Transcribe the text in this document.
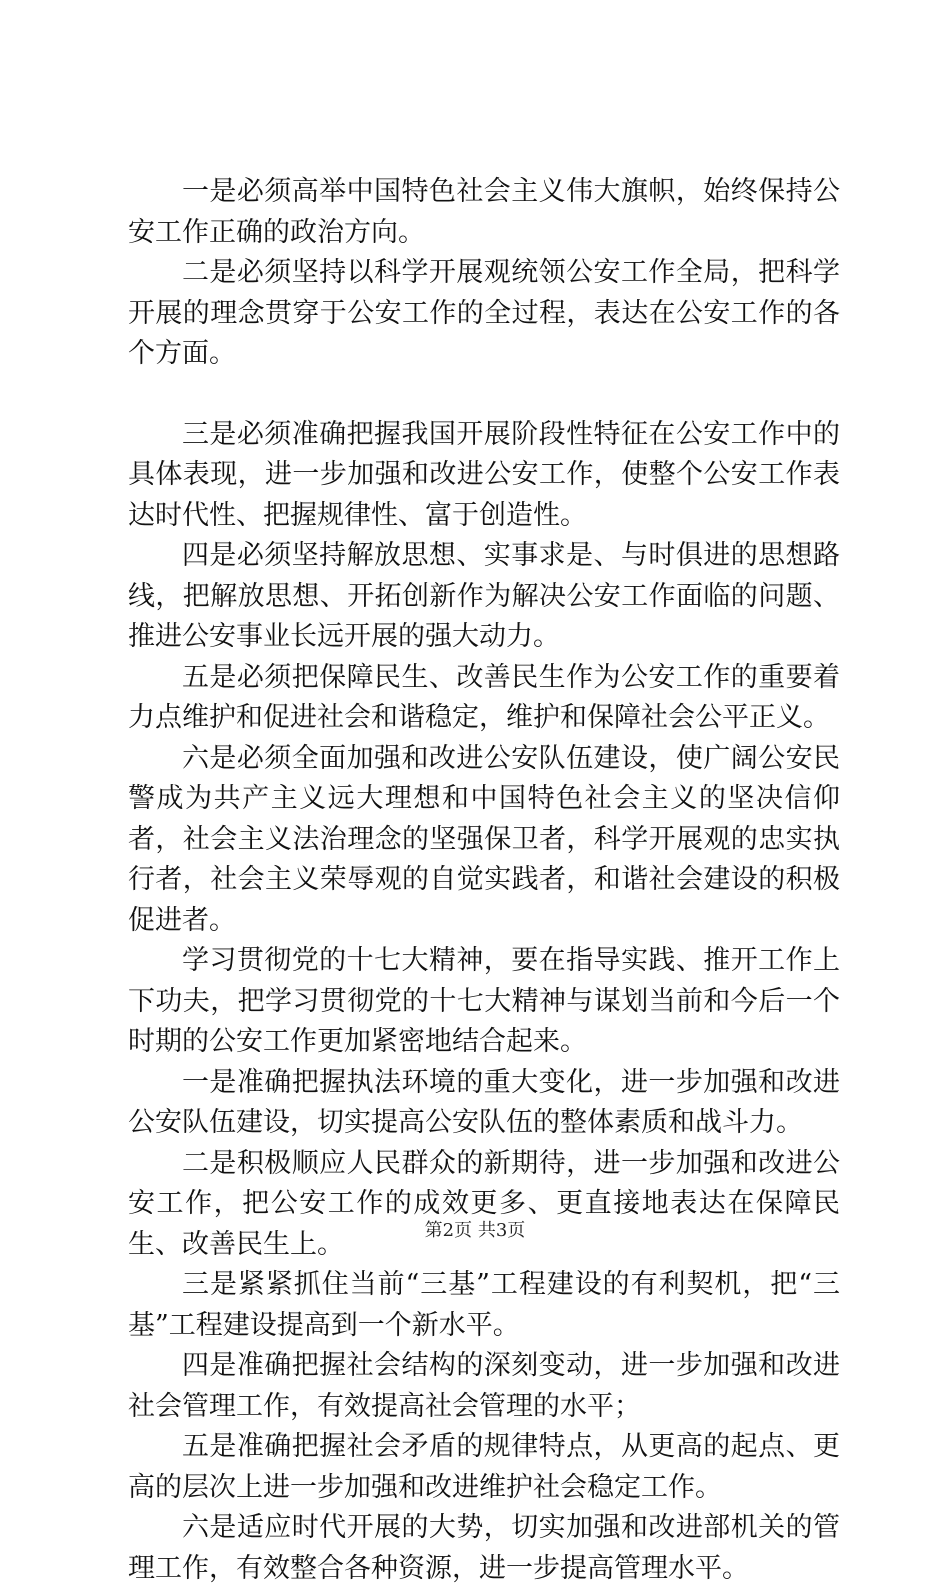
一是必须高举中国特色社会主义伟大旗帜，始终保持公安工作正确的政治方向。

二是必须坚持以科学开展观统领公安工作全局，把科学开展的理念贯穿于公安工作的全过程，表达在公安工作的各个方面。

三是必须准确把握我国开展阶段性特征在公安工作中的具体表现，进一步加强和改进公安工作，使整个公安工作表达时代性、把握规律性、富于创造性。

四是必须坚持解放思想、实事求是、与时俱进的思想路线，把解放思想、开拓创新作为解决公安工作面临的问题、推进公安事业长远开展的强大动力。

五是必须把保障民生、改善民生作为公安工作的重要着力点维护和促进社会和谐稳定，维护和保障社会公平正义。

六是必须全面加强和改进公安队伍建设，使广阔公安民警成为共产主义远大理想和中国特色社会主义的坚决信仰者，社会主义法治理念的坚强保卫者，科学开展观的忠实执行者，社会主义荣辱观的自觉实践者，和谐社会建设的积极促进者。

学习贯彻党的十七大精神，要在指导实践、推开工作上下功夫，把学习贯彻党的十七大精神与谋划当前和今后一个时期的公安工作更加紧密地结合起来。

一是准确把握执法环境的重大变化，进一步加强和改进公安队伍建设，切实提高公安队伍的整体素质和战斗力。

二是积极顺应人民群众的新期待，进一步加强和改进公安工作，把公安工作的成效更多、更直接地表达在保障民生、改善民生上。

三是紧紧抓住当前“三基”工程建设的有利契机，把“三基”工程建设提高到一个新水平。

四是准确把握社会结构的深刻变动，进一步加强和改进社会管理工作，有效提高社会管理的水平；

五是准确把握社会矛盾的规律特点，从更高的起点、更高的层次上进一步加强和改进维护社会稳定工作。

六是适应时代开展的大势，切实加强和改进部机关的管理工作，有效整合各种资源，进一步提高管理水平。

第2页 共3页
